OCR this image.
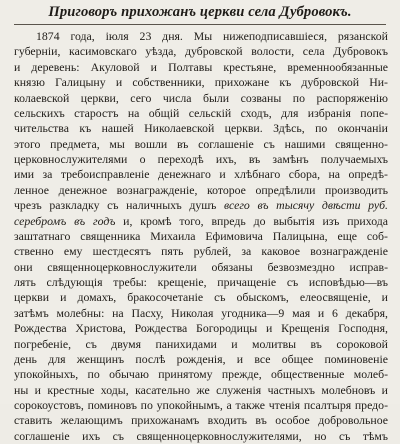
Приговоръ прихожанъ церкви села Дубровокъ.
1874 года, іюля 23 дня. Мы нижеподписавшіеся, рязанской
губерніи, касимовскаго уѣзда, дубровской волости, села Дубровокъ
и деревень: Акуловой и Полтавы крестьяне, временнообязанные
князю Галицыну и собственники, прихожане къ дубровской Ни-
колаевской церкви, сего числа были созваны по распоряженію
сельскихъ старостъ на общій сельскій сходъ, для избранія попе-
чительства къ нашей Николаевской церкви. Здѣсь, по окончаніи
этого предмета, мы вошли въ соглашеніе съ нашими священно-
церковнослужителями о переходѣ ихъ, въ замѣнъ получаемыхъ
ими за требоисправленіе денежнаго и хлѣбнаго сбора, на опредѣ-
ленное денежное вознагражденіе, которое опредѣлили производить
чрезъ разкладку съ наличныхъ душъ всего въ тысячу двѣсти руб.
серебромъ въ годъ и, кромѣ того, впредь до выбытія изъ прихода
заштатнаго священника Михаила Ефимовича Палицына, еще соб-
ственно ему шестдесятъ пять рублей, за каковое вознагражденіе
они священноцерковнослужители обязаны безвозмездно исправ-
лять слѣдующія требы: крещеніе, причащеніе съ исповѣдью—въ
церкви и домахъ, бракосочетаніе съ обыскомъ, елеосвященіе, и
затѣмъ молебны: на Пасху, Николая угодника—9 мая и 6 декабря,
Рождества Христова, Рождества Богородицы и Крещенія Господня,
погребеніе, съ двумя панихидами и молитвы въ сороковой
день для женщинъ послѣ рожденія, и все общее поминовеніе
упокойныхъ, по обычаю принятому прежде, общественные молеб-
ны и крестные ходы, касательно же служенія частныхъ молебновъ и
сорокоустовъ, поминовъ по упокойнымъ, а также чтенія псалтыря предо-
ставить желающимъ прихожанамъ входить въ особое добровольное
соглашеніе ихъ съ священноцерковнослужителями, но съ тѣмъ
